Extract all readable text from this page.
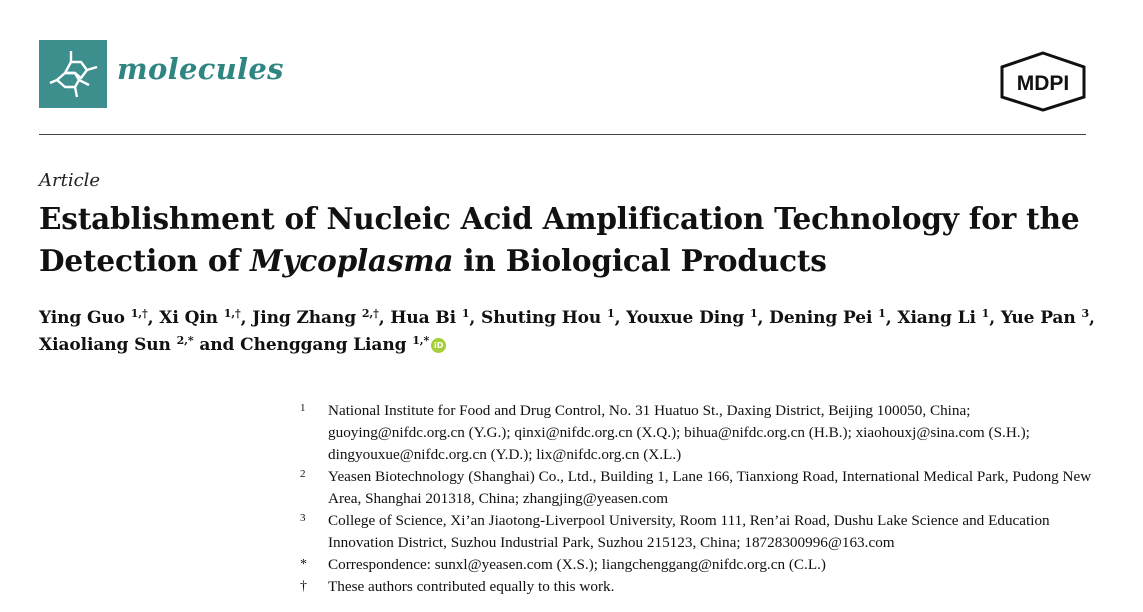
molecules	MDPI
Article
Establishment of Nucleic Acid Amplification Technology for the Detection of Mycoplasma in Biological Products
Ying Guo $^{1,\dagger}$, Xi Qin $^{1,\dagger}$, Jing Zhang $^{2,\dagger}$, Hua Bi $^1$, Shuting Hou $^1$, Youxue Ding $^1$, Dening Pei $^1$, Xiang Li $^1$, Yue Pan $^3$, Xiaoliang Sun $^{2,*}$ and Chenggang Liang $^{1,*}$ iD
1 National Institute for Food and Drug Control, No. 31 Huatuo St., Daxing District, Beijing 100050, China; guoying@nifdc.org.cn (Y.G.); qinxi@nifdc.org.cn (X.Q.); bihua@nifdc.org.cn (H.B.); xiaohouxj@sina.com (S.H.); dingyouxue@nifdc.org.cn (Y.D.); lix@nifdc.org.cn (X.L.)
2 Yeasen Biotechnology (Shanghai) Co., Ltd., Building 1, Lane 166, Tianxiong Road, International Medical Park, Pudong New Area, Shanghai 201318, China; zhangjing@yeasen.com
3 College of Science, Xi’an Jiaotong-Liverpool University, Room 111, Ren’ai Road, Dushu Lake Science and Education Innovation District, Suzhou Industrial Park, Suzhou 215123, China; 18728300996@163.com
* Correspondence: sunxl@yeasen.com (X.S.); liangchenggang@nifdc.org.cn (C.L.)
† These authors contributed equally to this work.
